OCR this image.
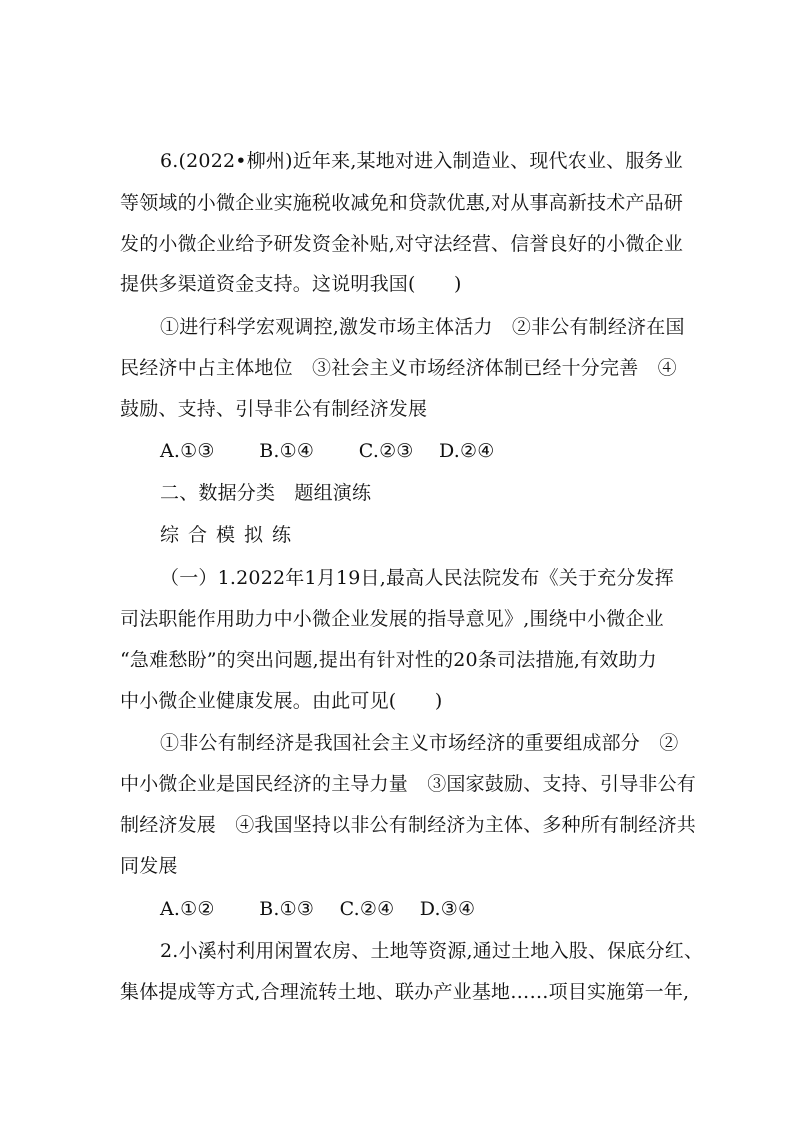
6.(2022•柳州)近年来,某地对进入制造业、现代农业、服务业
等领域的小微企业实施税收减免和贷款优惠,对从事高新技术产品研
发的小微企业给予研发资金补贴,对守法经营、信誉良好的小微企业
提供多渠道资金支持。这说明我国(　　)
①进行科学宏观调控,激发市场主体活力　②非公有制经济在国
民经济中占主体地位　③社会主义市场经济体制已经十分完善　④
鼓励、支持、引导非公有制经济发展
A.①③　　 B.①④　　 C.②③　 D.②④
二、数据分类　题组演练
综合模拟练
（一）1.2022年1月19日,最高人民法院发布《关于充分发挥
司法职能作用助力中小微企业发展的指导意见》,围绕中小微企业
“急难愁盼”的突出问题,提出有针对性的20条司法措施,有效助力
中小微企业健康发展。由此可见(　　)
①非公有制经济是我国社会主义市场经济的重要组成部分　②
中小微企业是国民经济的主导力量　③国家鼓励、支持、引导非公有
制经济发展　④我国坚持以非公有制经济为主体、多种所有制经济共
同发展
A.①②　　 B.①③　 C.②④　 D.③④
2.小溪村利用闲置农房、土地等资源,通过土地入股、保底分红、
集体提成等方式,合理流转土地、联办产业基地……项目实施第一年,
